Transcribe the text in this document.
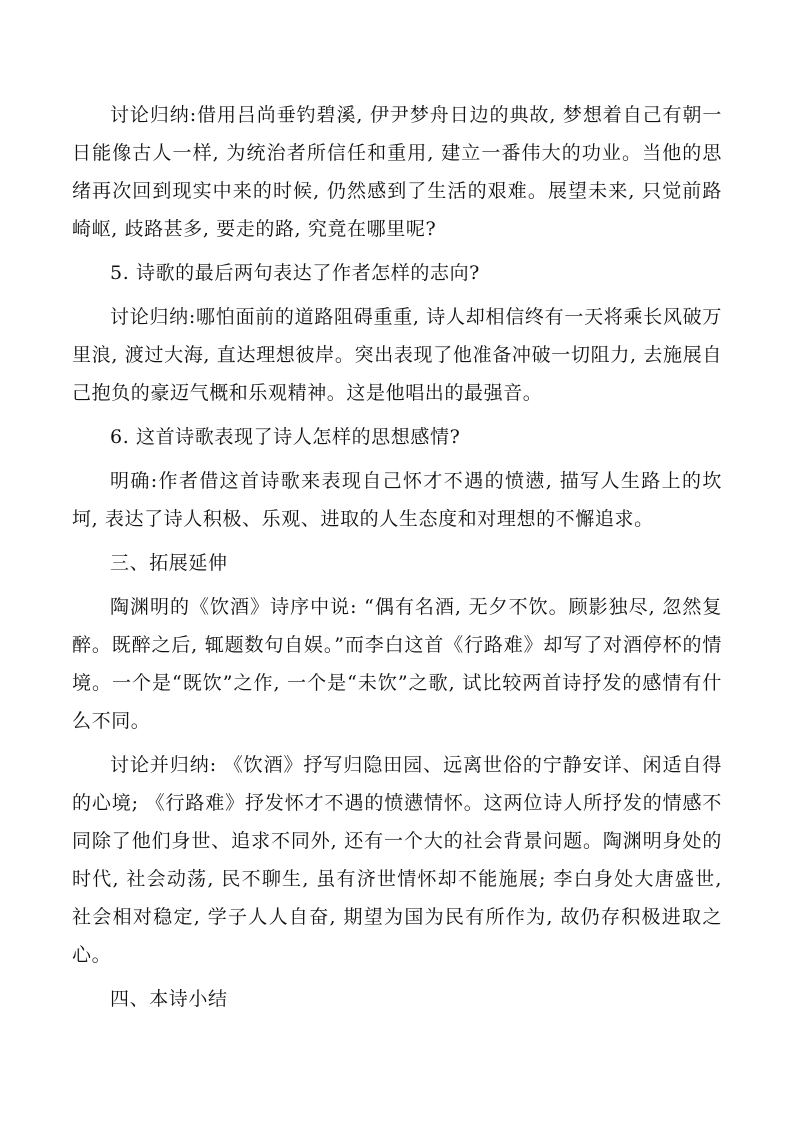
讨论归纳:借用吕尚垂钓碧溪, 伊尹梦舟日边的典故, 梦想着自己有朝一日能像古人一样, 为统治者所信任和重用, 建立一番伟大的功业。当他的思绪再次回到现实中来的时候, 仍然感到了生活的艰难。展望未来, 只觉前路崎岖, 歧路甚多, 要走的路, 究竟在哪里呢?

5. 诗歌的最后两句表达了作者怎样的志向?

讨论归纳:哪怕面前的道路阻碍重重, 诗人却相信终有一天将乘长风破万里浪, 渡过大海, 直达理想彼岸。突出表现了他准备冲破一切阻力, 去施展自己抱负的豪迈气概和乐观精神。这是他唱出的最强音。

6. 这首诗歌表现了诗人怎样的思想感情?

明确:作者借这首诗歌来表现自己怀才不遇的愤懑, 描写人生路上的坎坷, 表达了诗人积极、乐观、进取的人生态度和对理想的不懈追求。

三、拓展延伸

陶渊明的《饮酒》诗序中说: “偶有名酒, 无夕不饮。顾影独尽, 忽然复醉。既醉之后, 辄题数句自娱。”而李白这首《行路难》却写了对酒停杯的情境。一个是“既饮”之作, 一个是“未饮”之歌, 试比较两首诗抒发的感情有什么不同。

讨论并归纳: 《饮酒》抒写归隐田园、远离世俗的宁静安详、闲适自得的心境; 《行路难》抒发怀才不遇的愤懑情怀。这两位诗人所抒发的情感不同除了他们身世、追求不同外, 还有一个大的社会背景问题。陶渊明身处的时代, 社会动荡, 民不聊生, 虽有济世情怀却不能施展; 李白身处大唐盛世, 社会相对稳定, 学子人人自奋, 期望为国为民有所作为, 故仍存积极进取之心。

四、本诗小结
